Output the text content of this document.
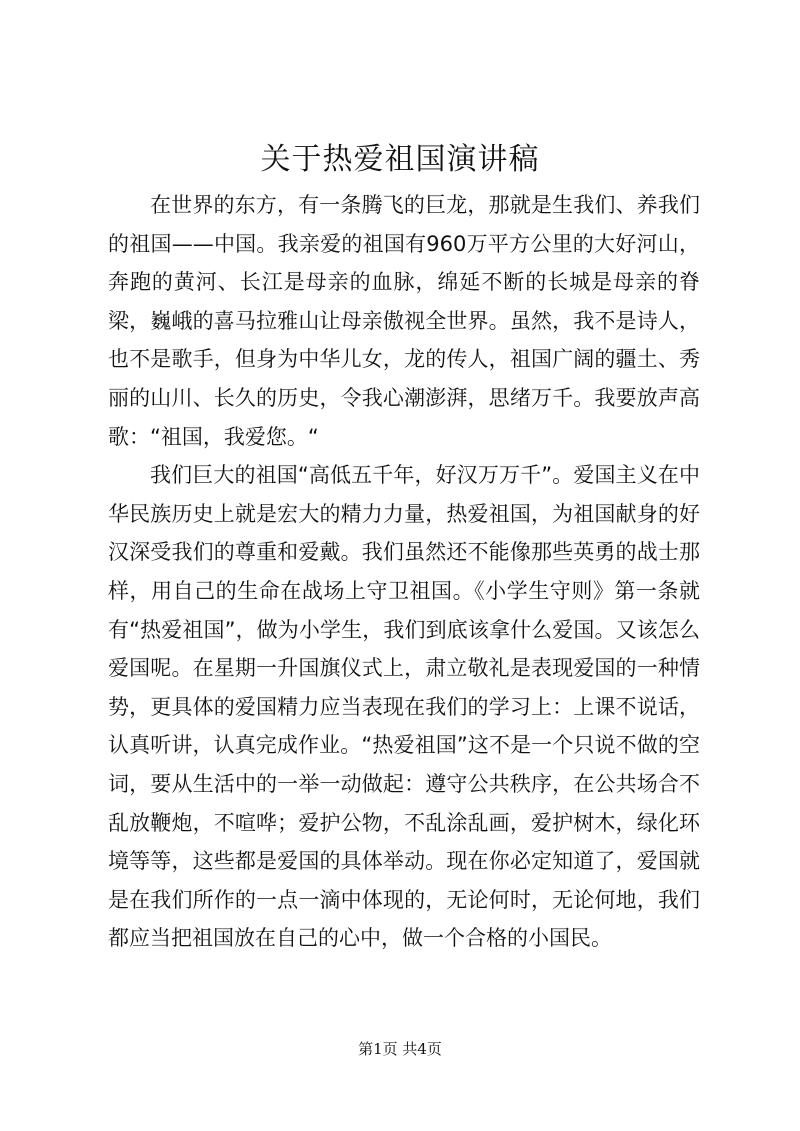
关于热爱祖国演讲稿

在世界的东方，有一条腾飞的巨龙，那就是生我们、养我们的祖国——中国。我亲爱的祖国有960万平方公里的大好河山，奔跑的黄河、长江是母亲的血脉，绵延不断的长城是母亲的脊梁，巍峨的喜马拉雅山让母亲傲视全世界。虽然，我不是诗人，也不是歌手，但身为中华儿女，龙的传人，祖国广阔的疆土、秀丽的山川、长久的历史，令我心潮澎湃，思绪万千。我要放声高歌：“祖国，我爱您。“

我们巨大的祖国“高低五千年，好汉万万千”。爱国主义在中华民族历史上就是宏大的精力力量，热爱祖国，为祖国献身的好汉深受我们的尊重和爱戴。我们虽然还不能像那些英勇的战士那样，用自己的生命在战场上守卫祖国。《小学生守则》第一条就有“热爱祖国”，做为小学生，我们到底该拿什么爱国。又该怎么爱国呢。在星期一升国旗仪式上，肃立敬礼是表现爱国的一种情势，更具体的爱国精力应当表现在我们的学习上：上课不说话，认真听讲，认真完成作业。“热爱祖国”这不是一个只说不做的空词，要从生活中的一举一动做起：遵守公共秩序，在公共场合不乱放鞭炮，不喧哗；爱护公物，不乱涂乱画，爱护树木，绿化环境等等，这些都是爱国的具体举动。现在你必定知道了，爱国就是在我们所作的一点一滴中体现的，无论何时，无论何地，我们都应当把祖国放在自己的心中，做一个合格的小国民。

第1页 共4页
